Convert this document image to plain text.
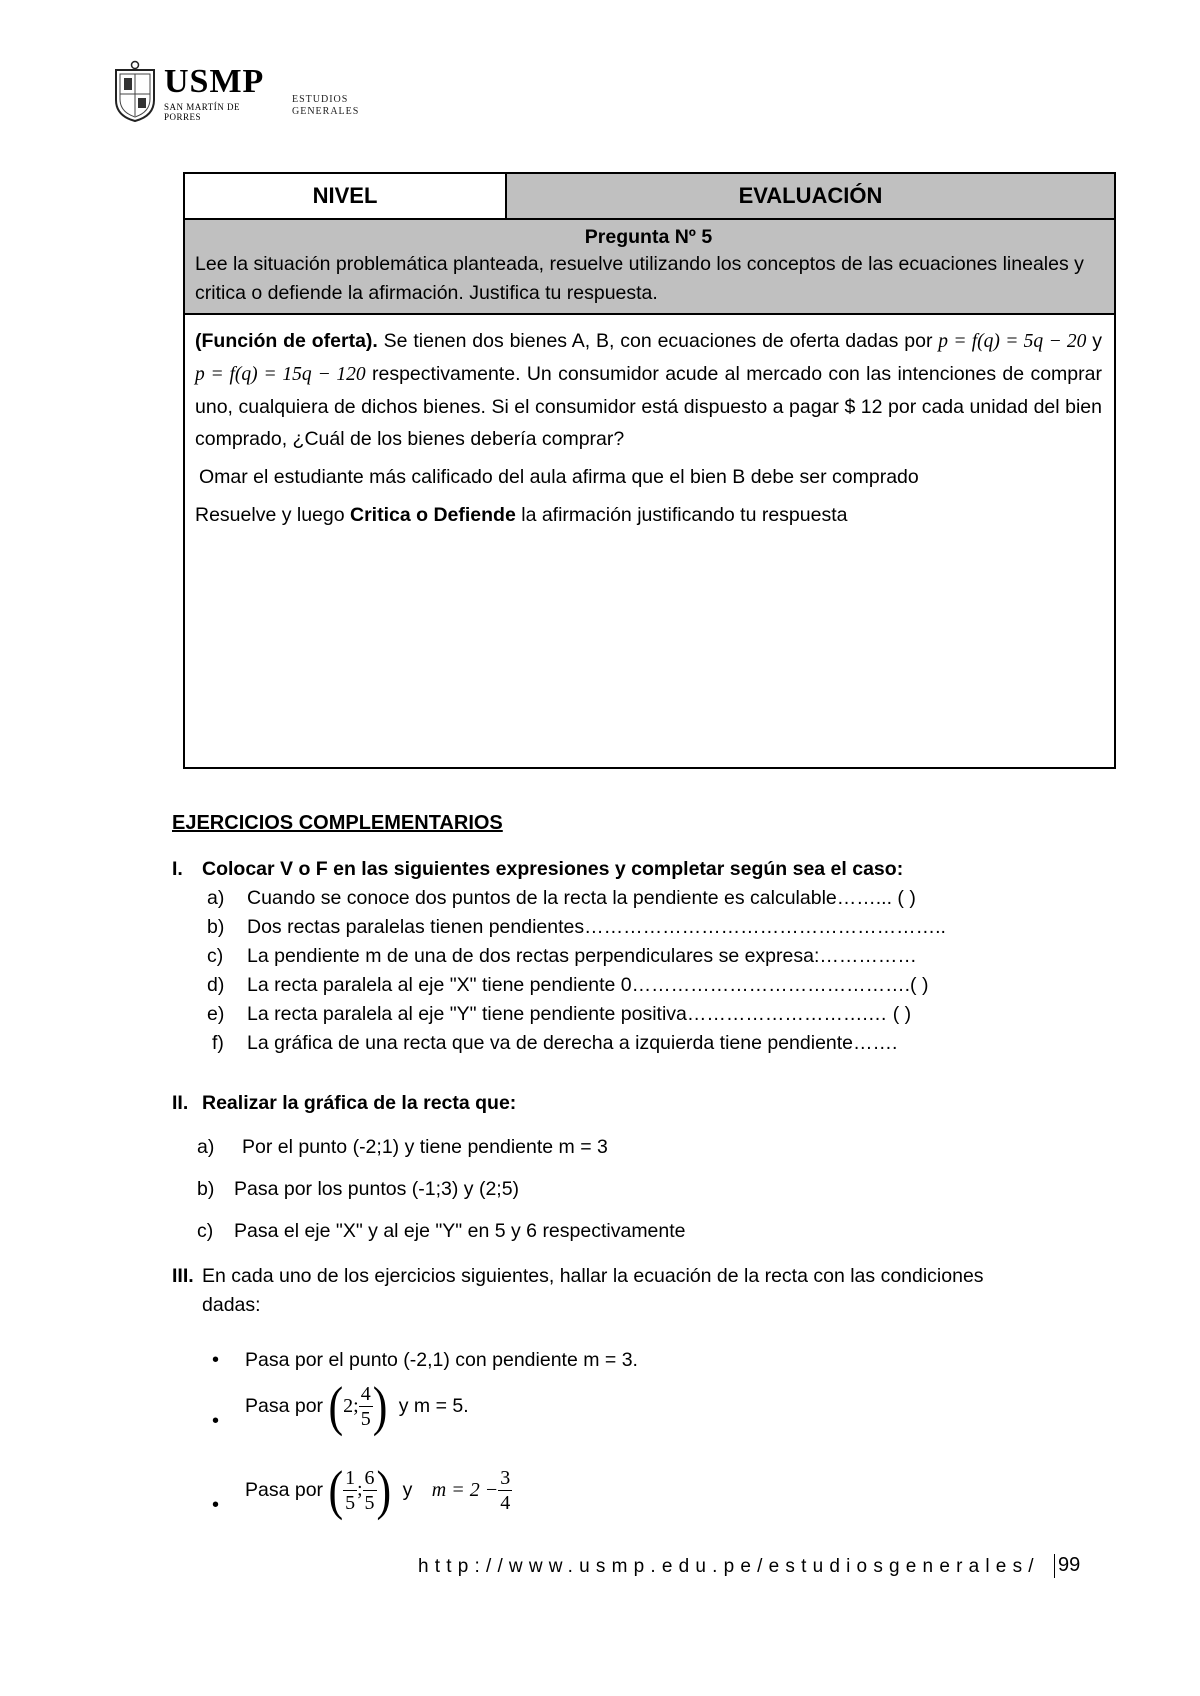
USMP
SAN MARTÍN DE PORRES
ESTUDIOS
GENERALES
NIVEL	EVALUACIÓN
Pregunta Nº 5
Lee la situación problemática planteada, resuelve utilizando los conceptos de las ecuaciones lineales y critica o defiende la afirmación. Justifica tu respuesta.
(Función de oferta). Se tienen dos bienes A, B, con ecuaciones de oferta dadas por p = f(q) = 5q − 20 y p = f(q) = 15q − 120 respectivamente. Un consumidor acude al mercado con las intenciones de comprar uno, cualquiera de dichos bienes. Si el consumidor está dispuesto a pagar $ 12 por cada unidad del bien comprado, ¿Cuál de los bienes debería comprar?
Omar el estudiante más calificado del aula afirma que el bien B debe ser comprado
Resuelve y luego Critica o Defiende la afirmación justificando tu respuesta
EJERCICIOS COMPLEMENTARIOS
I. Colocar V o F en las siguientes expresiones y completar según sea el caso:
a) Cuando se conoce dos puntos de la recta la pendiente es calculable……... ( )
b) Dos rectas paralelas tienen pendientes………………………………………………..
c) La pendiente m de una de dos rectas perpendiculares se expresa:……………
d) La recta paralela al eje "X" tiene pendiente 0…………………………………….( )
e) La recta paralela al eje "Y" tiene pendiente positiva……………………….… ( )
f) La gráfica de una recta que va de derecha a izquierda tiene pendiente…….
II. Realizar la gráfica de la recta que:
a) Por el punto (-2;1) y tiene pendiente m = 3
b) Pasa por los puntos (-1;3) y (2;5)
c) Pasa el eje "X" y al eje "Y" en 5 y 6 respectivamente
III. En cada uno de los ejercicios siguientes, hallar la ecuación de la recta con las condiciones
dadas:
• Pasa por el punto (-2,1) con pendiente m = 3.
•
Pasa por (2; $\frac{4}{5}$ ) y m = 5.
•
Pasa por ( $\frac{1}{5}$ ; $\frac{6}{5}$ ) y $m = 2 - \frac{3}{4}$
http://www.usmp.edu.pe/estudiosgenerales/ 99
